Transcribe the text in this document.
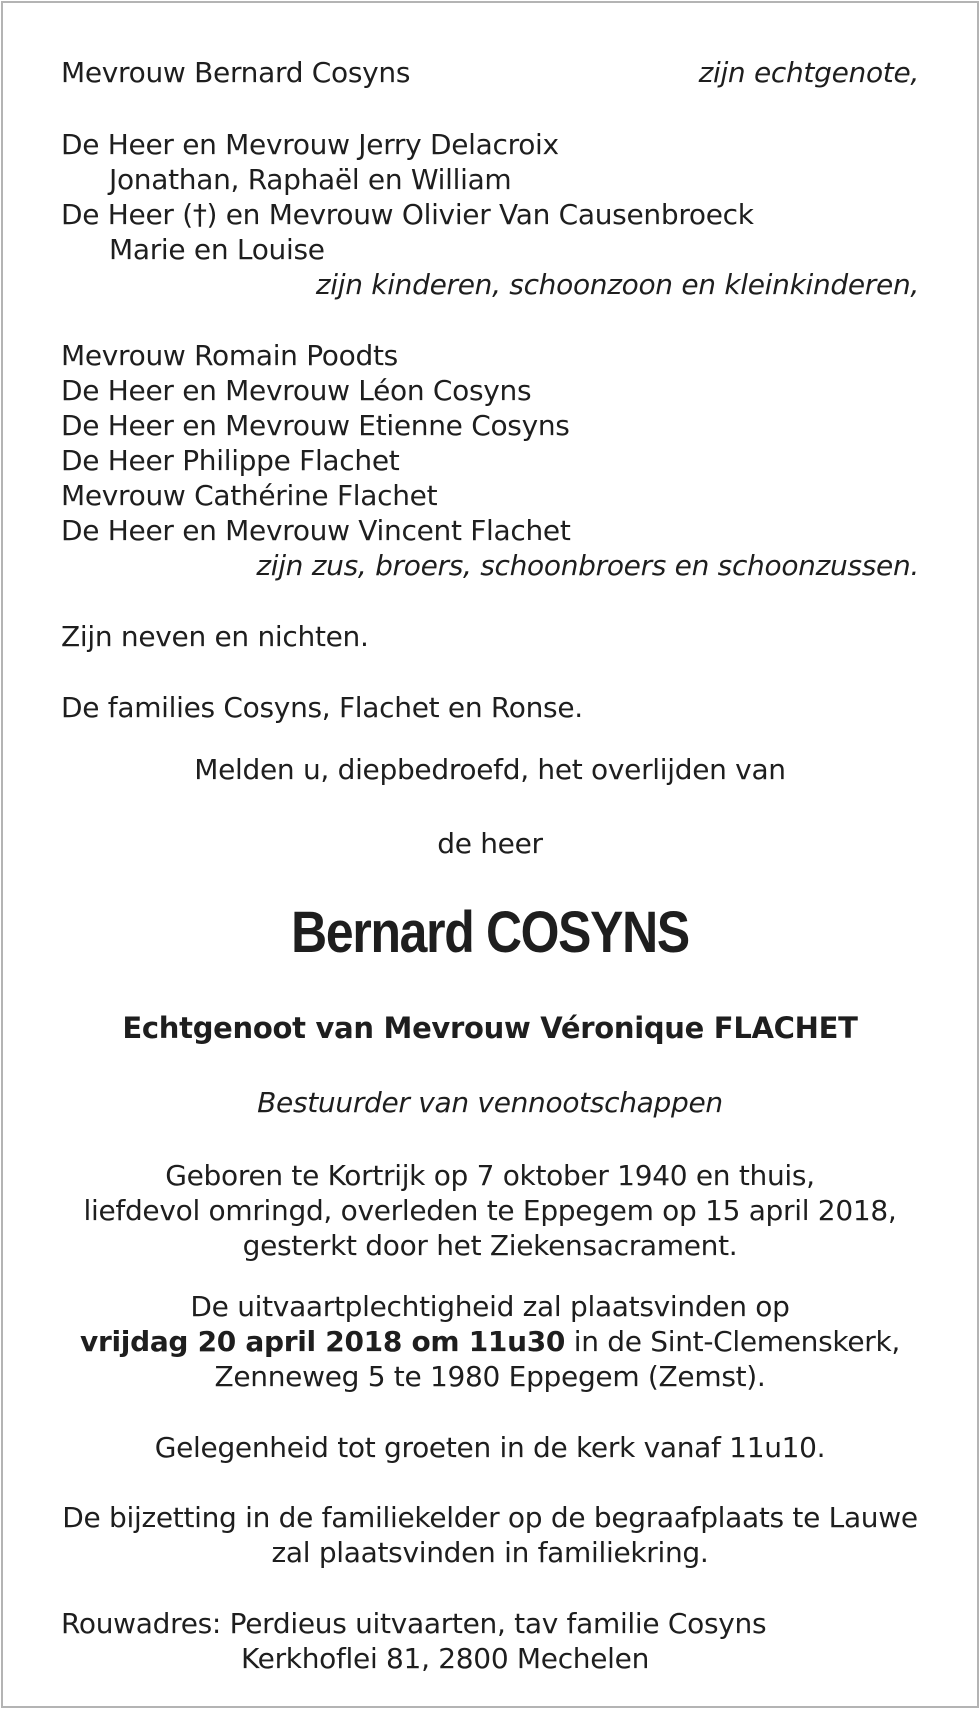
Mevrouw Bernard Cosyns	zijn echtgenote,
De Heer en Mevrouw Jerry Delacroix
Jonathan, Raphaël en William
De Heer (†) en Mevrouw Olivier Van Causenbroeck
Marie en Louise
zijn kinderen, schoonzoon en kleinkinderen,
Mevrouw Romain Poodts
De Heer en Mevrouw Léon Cosyns
De Heer en Mevrouw Etienne Cosyns
De Heer Philippe Flachet
Mevrouw Cathérine Flachet
De Heer en Mevrouw Vincent Flachet
zijn zus, broers, schoonbroers en schoonzussen.
Zijn neven en nichten.
De families Cosyns, Flachet en Ronse.
Melden u, diepbedroefd, het overlijden van
de heer
Bernard COSYNS
Echtgenoot van Mevrouw Véronique FLACHET
Bestuurder van vennootschappen
Geboren te Kortrijk op 7 oktober 1940 en thuis,
liefdevol omringd, overleden te Eppegem op 15 april 2018,
gesterkt door het Ziekensacrament.
De uitvaartplechtigheid zal plaatsvinden op
vrijdag 20 april 2018 om 11u30 in de Sint-Clemenskerk,
Zenneweg 5 te 1980 Eppegem (Zemst).
Gelegenheid tot groeten in de kerk vanaf 11u10.
De bijzetting in de familiekelder op de begraafplaats te Lauwe
zal plaatsvinden in familiekring.
Rouwadres: Perdieus uitvaarten, tav familie Cosyns
Kerkhoflei 81, 2800 Mechelen
